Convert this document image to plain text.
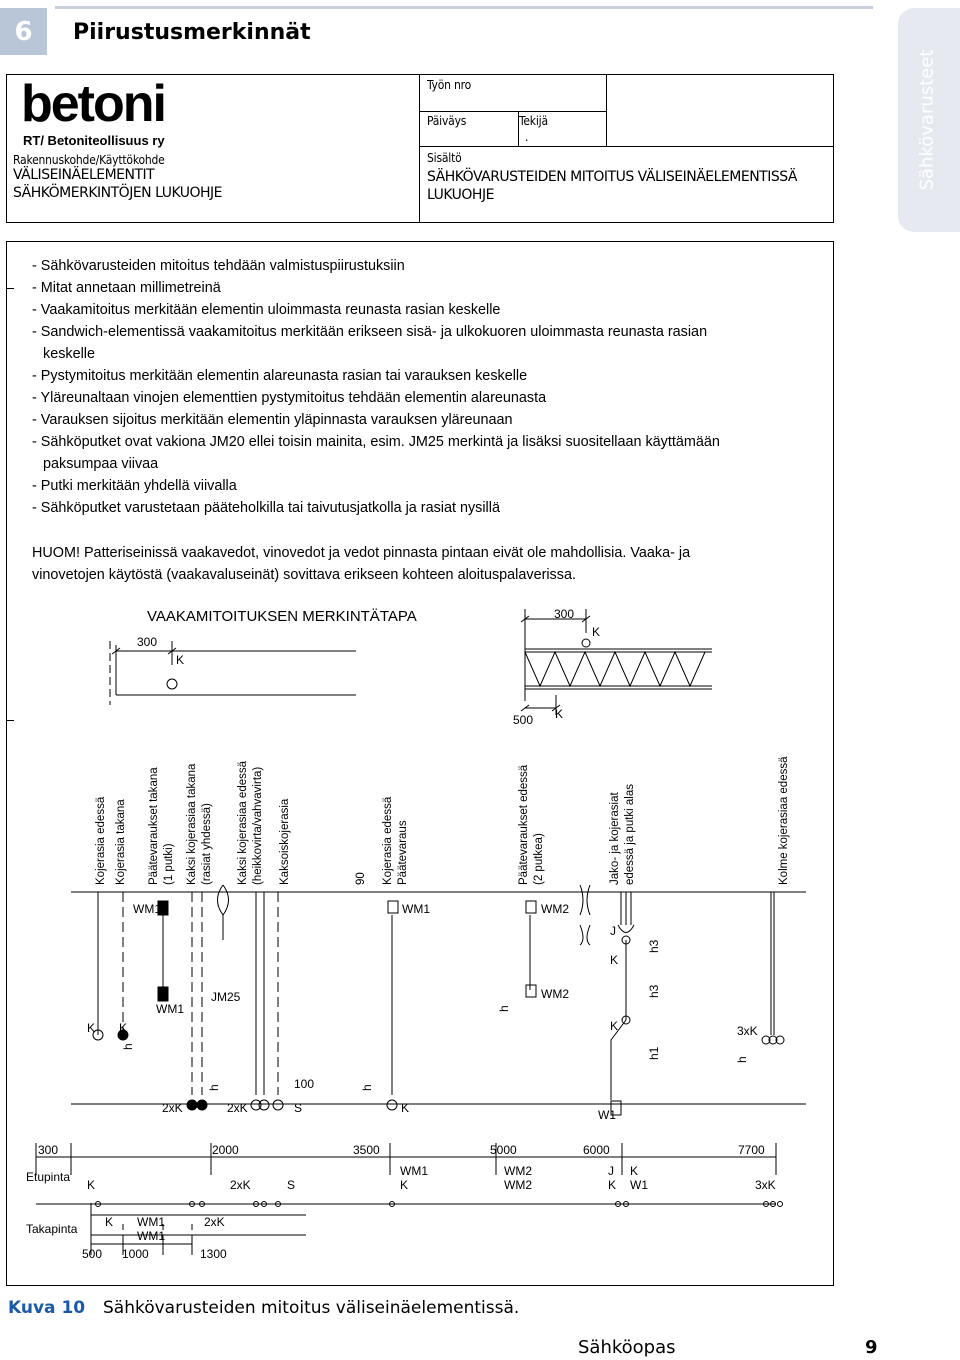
6	Piirustusmerkinnät
Sähkövarusteet
betoni
RT/ Betoniteollisuus ry
Rakennuskohde/Käyttökohde
VÄLISEINÄELEMENTIT
SÄHKÖMERKINTÖJEN LUKUOHJE
Työn nro
Päiväys	Tekijä
.
Sisältö
SÄHKÖVARUSTEIDEN MITOITUS VÄLISEINÄELEMENTISSÄ
LUKUOHJE
- Sähkövarusteiden mitoitus tehdään valmistuspiirustuksiin
- Mitat annetaan millimetreinä
- Vaakamitoitus merkitään elementin uloimmasta reunasta rasian keskelle
- Sandwich-elementissä vaakamitoitus merkitään erikseen sisä- ja ulkokuoren uloimmasta reunasta rasian
keskelle
- Pystymitoitus merkitään elementin alareunasta rasian tai varauksen keskelle
- Yläreunaltaan vinojen elementtien pystymitoitus tehdään elementin alareunasta
- Varauksen sijoitus merkitään elementin yläpinnasta varauksen yläreunaan
- Sähköputket ovat vakiona JM20 ellei toisin mainita, esim. JM25 merkintä ja lisäksi suositellaan käyttämään
paksumpaa viivaa
- Putki merkitään yhdellä viivalla
- Sähköputket varustetaan pääteholkilla tai taivutusjatkolla ja rasiat nysillä
HUOM! Patteriseinissä vaakavedot, vinovedot ja vedot pinnasta pintaan eivät ole mahdollisia. Vaaka- ja
vinovetojen käytöstä (vaakavaluseinät) sovittava erikseen kohteen aloituspalaverissa.
VAAKAMITOITUKSEN MERKINTÄTAPA
300
K
300
K
500 K
Kojerasia edessä Kojerasia takana Päätevaraukset takana (1 putki) Kaksi kojerasiaa takana (rasiat yhdessä) Kaksi kojerasiaa edessä (heikkovirta/vahvavirta) Kaksoiskojerasia	90 Kojerasia edessä Päätevaraus	Päätevaraukset edessä (2 putkea)	Jako- ja kojerasiat edessä ja putki alas	Kolme kojerasiaa edessä
WM1
WM1
WM1	WM2
WM2
JM25
K K
K
J
K
K
2xK	2xK	S
100
3xK
W1
h
h	h
h
h
h1
h3
h3
300	2000	3500	5000	6000	7700
Etupinta
Takapinta
K	2xK	S
WM1
K
WM2
WM2
J K
K W1	3xK
K WM1
WM1
2xK
500 1000	1300
Kuva 10 Sähkövarusteiden mitoitus väliseinäelementissä.
Sähköopas	9
